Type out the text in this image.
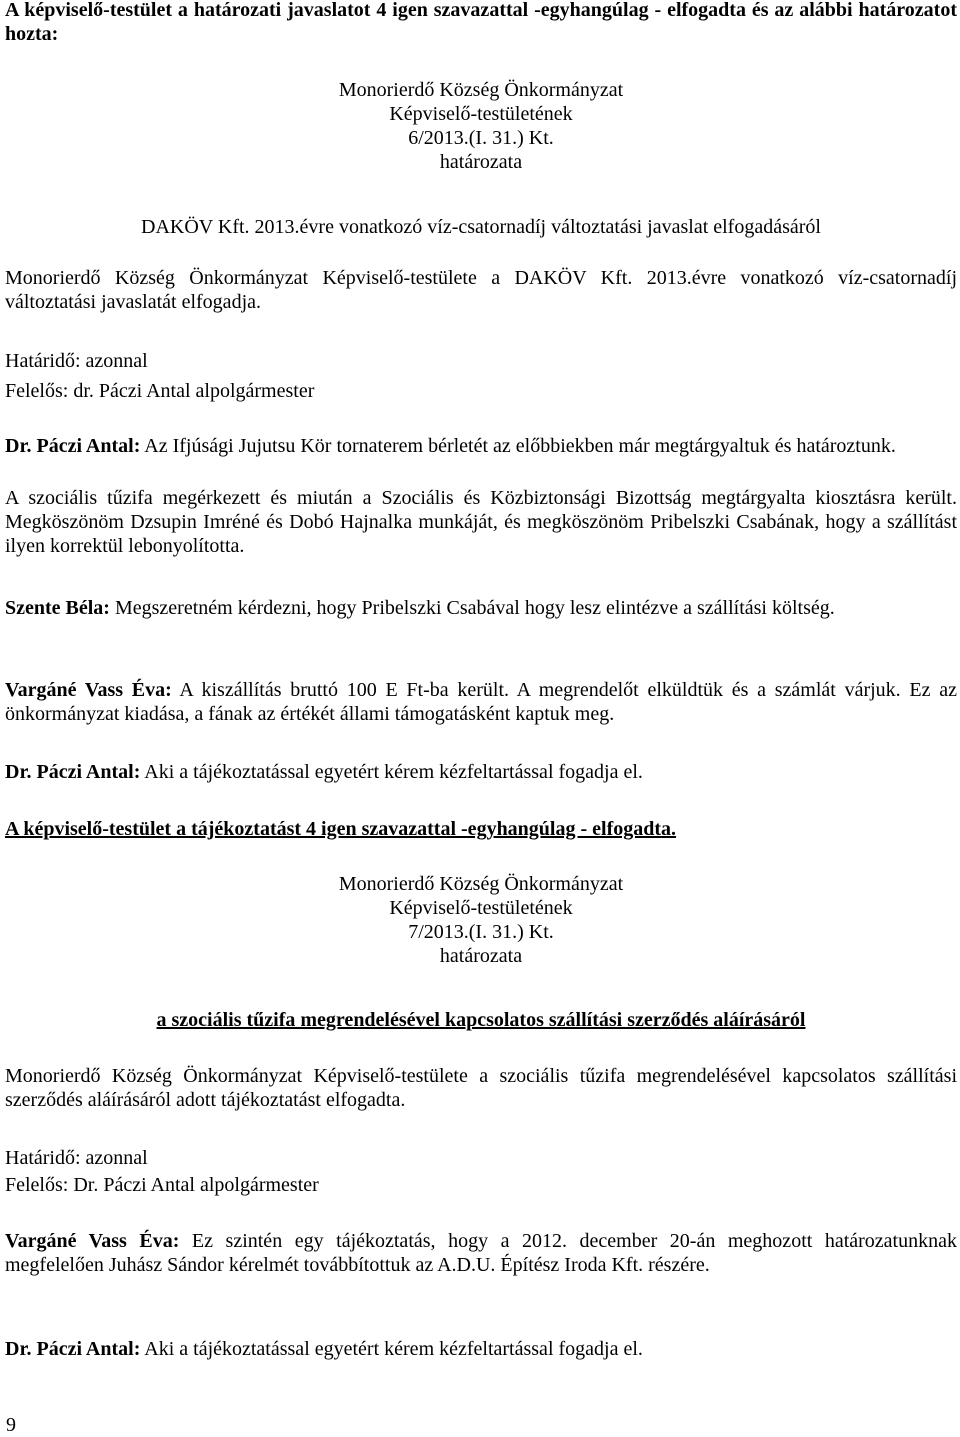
A képviselő-testület a határozati javaslatot 4 igen szavazattal -egyhangúlag - elfogadta és az alábbi határozatot hozta:

Monorierdő Község Önkormányzat
Képviselő-testületének
6/2013.(I. 31.) Kt.
határozata

DAKÖV Kft. 2013.évre vonatkozó víz-csatornadíj változtatási javaslat elfogadásáról

Monorierdő Község Önkormányzat Képviselő-testülete a DAKÖV Kft. 2013.évre vonatkozó víz-csatornadíj változtatási javaslatát elfogadja.

Határidő: azonnal

Felelős: dr. Páczi Antal alpolgármester

Dr. Páczi Antal: Az Ifjúsági Jujutsu Kör tornaterem bérletét az előbbiekben már megtárgyaltuk és határoztunk.

A szociális tűzifa megérkezett és miután a Szociális és Közbiztonsági Bizottság megtárgyalta kiosztásra került. Megköszönöm Dzsupin Imréné és Dobó Hajnalka munkáját, és megköszönöm Pribelszki Csabának, hogy a szállítást ilyen korrektül lebonyolította.

Szente Béla: Megszeretném kérdezni, hogy Pribelszki Csabával hogy lesz elintézve a szállítási költség.
Vargáné Vass Éva: A kiszállítás bruttó 100 E Ft-ba került. A megrendelőt elküldtük és a számlát várjuk. Ez az önkormányzat kiadása, a fának az értékét állami támogatásként kaptuk meg.
Dr. Páczi Antal: Aki a tájékoztatással egyetért kérem kézfeltartással fogadja el.

A képviselő-testület a tájékoztatást 4 igen szavazattal -egyhangúlag - elfogadta.

Monorierdő Község Önkormányzat
Képviselő-testületének
7/2013.(I. 31.) Kt.
határozata

a szociális tűzifa megrendelésével kapcsolatos szállítási szerződés aláírásáról

Monorierdő Község Önkormányzat Képviselő-testülete a szociális tűzifa megrendelésével kapcsolatos szállítási szerződés aláírásáról adott tájékoztatást elfogadta.

Határidő: azonnal

Felelős: Dr. Páczi Antal alpolgármester

Vargáné Vass Éva: Ez szintén egy tájékoztatás, hogy a 2012. december 20-án meghozott határozatunknak megfelelően Juhász Sándor kérelmét továbbítottuk az A.D.U. Építész Iroda Kft. részére.
Dr. Páczi Antal: Aki a tájékoztatással egyetért kérem kézfeltartással fogadja el.
9
